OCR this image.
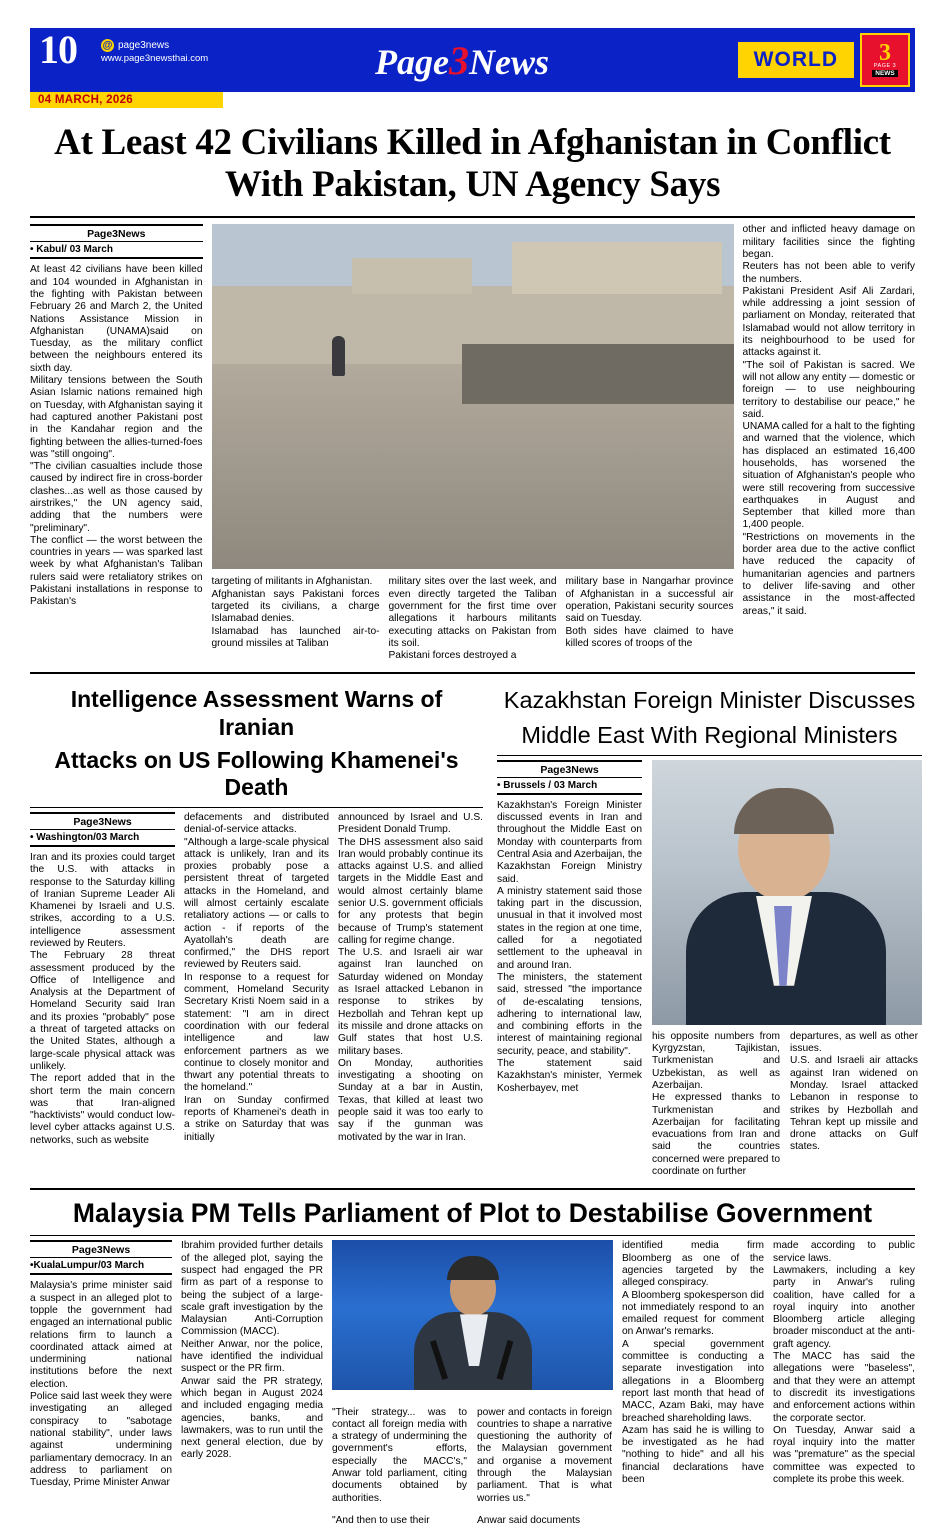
10	@ page3news
www.page3newsthai.com	Page3News	WORLD	3
PAGE 3
NEWS
04 MARCH, 2026
At Least 42 Civilians Killed in Afghanistan in Conflict With Pakistan, UN Agency Says
Page3News
• Kabul/ 03 March

At least 42 civilians have been killed and 104 wounded in Afghanistan in the fighting with Pakistan between February 26 and March 2, the United Nations Assistance Mission in Afghanistan (UNAMA)said on Tuesday, as the military conflict between the neighbours entered its sixth day.

Military tensions between the South Asian Islamic nations remained high on Tuesday, with Afghanistan saying it had captured another Pakistani post in the Kandahar region and the fighting between the allies-turned-foes was "still ongoing".

"The civilian casualties include those caused by indirect fire in cross-border clashes...as well as those caused by airstrikes," the UN agency said, adding that the numbers were "preliminary".

The conflict — the worst between the countries in years — was sparked last week by what Afghanistan's Taliban rulers said were retaliatory strikes on Pakistani installations in response to Pakistan's

targeting of militants in Afghanistan.

Afghanistan says Pakistani forces targeted its civilians, a charge Islamabad denies.

Islamabad has launched air-to-ground missiles at Taliban

military sites over the last week, and even directly targeted the Taliban government for the first time over allegations it harbours militants executing attacks on Pakistan from its soil.

Pakistani forces destroyed a

military base in Nangarhar province of Afghanistan in a successful air operation, Pakistani security sources said on Tuesday.

Both sides have claimed to have killed scores of troops of the

other and inflicted heavy damage on military facilities since the fighting began.

Reuters has not been able to verify the numbers.

Pakistani President Asif Ali Zardari, while addressing a joint session of parliament on Monday, reiterated that Islamabad would not allow territory in its neighbourhood to be used for attacks against it.

"The soil of Pakistan is sacred. We will not allow any entity — domestic or foreign — to use neighbouring territory to destabilise our peace," he said.

UNAMA called for a halt to the fighting and warned that the violence, which has displaced an estimated 16,400 households, has worsened the situation of Afghanistan's people who were still recovering from successive earthquakes in August and September that killed more than 1,400 people.

"Restrictions on movements in the border area due to the active conflict have reduced the capacity of humanitarian agencies and partners to deliver life-saving and other assistance in the most-affected areas," it said.

Intelligence Assessment Warns of Iranian
Attacks on US Following Khamenei's Death
Page3News
• Washington/03 March

Iran and its proxies could target the U.S. with attacks in response to the Saturday killing of Iranian Supreme Leader Ali Khamenei by Israeli and U.S. strikes, according to a U.S. intelligence assessment reviewed by Reuters.

The February 28 threat assessment produced by the Office of Intelligence and Analysis at the Department of Homeland Security said Iran and its proxies "probably" pose a threat of targeted attacks on the United States, although a large-scale physical attack was unlikely.

The report added that in the short term the main concern was that Iran-aligned "hacktivists" would conduct low-level cyber attacks against U.S. networks, such as website

defacements and distributed denial-of-service attacks.

"Although a large-scale physical attack is unlikely, Iran and its proxies probably pose a persistent threat of targeted attacks in the Homeland, and will almost certainly escalate retaliatory actions — or calls to action - if reports of the Ayatollah's death are confirmed," the DHS report reviewed by Reuters said.

In response to a request for comment, Homeland Security Secretary Kristi Noem said in a statement: "I am in direct coordination with our federal intelligence and law enforcement partners as we continue to closely monitor and thwart any potential threats to the homeland."

Iran on Sunday confirmed reports of Khamenei's death in a strike on Saturday that was initially

announced by Israel and U.S. President Donald Trump.

The DHS assessment also said Iran would probably continue its attacks against U.S. and allied targets in the Middle East and would almost certainly blame senior U.S. government officials for any protests that begin because of Trump's statement calling for regime change.

The U.S. and Israeli air war against Iran launched on Saturday widened on Monday as Israel attacked Lebanon in response to strikes by Hezbollah and Tehran kept up its missile and drone attacks on Gulf states that host U.S. military bases.

On Monday, authorities investigating a shooting on Sunday at a bar in Austin, Texas, that killed at least two people said it was too early to say if the gunman was motivated by the war in Iran.

Kazakhstan Foreign Minister Discusses
Middle East With Regional Ministers
Page3News
• Brussels / 03 March

Kazakhstan's Foreign Minister discussed events in Iran and throughout the Middle East on Monday with counterparts from Central Asia and Azerbaijan, the Kazakhstan Foreign Ministry said.

A ministry statement said those taking part in the discussion, unusual in that it involved most states in the region at one time, called for a negotiated settlement to the upheaval in and around Iran.

The ministers, the statement said, stressed "the importance of de-escalating tensions, adhering to international law, and combining efforts in the interest of maintaining regional security, peace, and stability".

The statement said Kazakhstan's minister, Yermek Kosherbayev, met

his opposite numbers from Kyrgyzstan, Tajikistan, Turkmenistan and Uzbekistan, as well as Azerbaijan.

He expressed thanks to Turkmenistan and Azerbaijan for facilitating evacuations from Iran and said the countries concerned were prepared to coordinate on further

departures, as well as other issues.

U.S. and Israeli air attacks against Iran widened on Monday. Israel attacked Lebanon in response to strikes by Hezbollah and Tehran kept up missile and drone attacks on Gulf states.

Malaysia PM Tells Parliament of Plot to Destabilise Government
Page3News
•KualaLumpur/03 March

Malaysia's prime minister said a suspect in an alleged plot to topple the government had engaged an international public relations firm to launch a coordinated attack aimed at undermining national institutions before the next election.

Police said last week they were investigating an alleged conspiracy to "sabotage national stability", under laws against undermining parliamentary democracy. In an address to parliament on Tuesday, Prime Minister Anwar

Ibrahim provided further details of the alleged plot, saying the suspect had engaged the PR firm as part of a response to being the subject of a large-scale graft investigation by the Malaysian Anti-Corruption Commission (MACC).

Neither Anwar, nor the police, have identified the individual suspect or the PR firm.

Anwar said the PR strategy, which began in August 2024 and included engaging media agencies, banks, and lawmakers, was to run until the next general election, due by early 2028.

"Their strategy... was to contact all foreign media with a strategy of undermining the government's efforts, especially the MACC's," Anwar told parliament, citing documents obtained by authorities.

"And then to use their

power and contacts in foreign countries to shape a narrative questioning the authority of the Malaysian government and organise a movement through the Malaysian parliament. That is what worries us."

Anwar said documents

identified media firm Bloomberg as one of the agencies targeted by the alleged conspiracy.

A Bloomberg spokesperson did not immediately respond to an emailed request for comment on Anwar's remarks.

A special government committee is conducting a separate investigation into allegations in a Bloomberg report last month that head of MACC, Azam Baki, may have breached shareholding laws.

Azam has said he is willing to be investigated as he had "nothing to hide" and all his financial declarations have been

made according to public service laws.

Lawmakers, including a key party in Anwar's ruling coalition, have called for a royal inquiry into another Bloomberg article alleging broader misconduct at the anti-graft agency.

The MACC has said the allegations were "baseless", and that they were an attempt to discredit its investigations and enforcement actions within the corporate sector.

On Tuesday, Anwar said a royal inquiry into the matter was "premature" as the special committee was expected to complete its probe this week.
